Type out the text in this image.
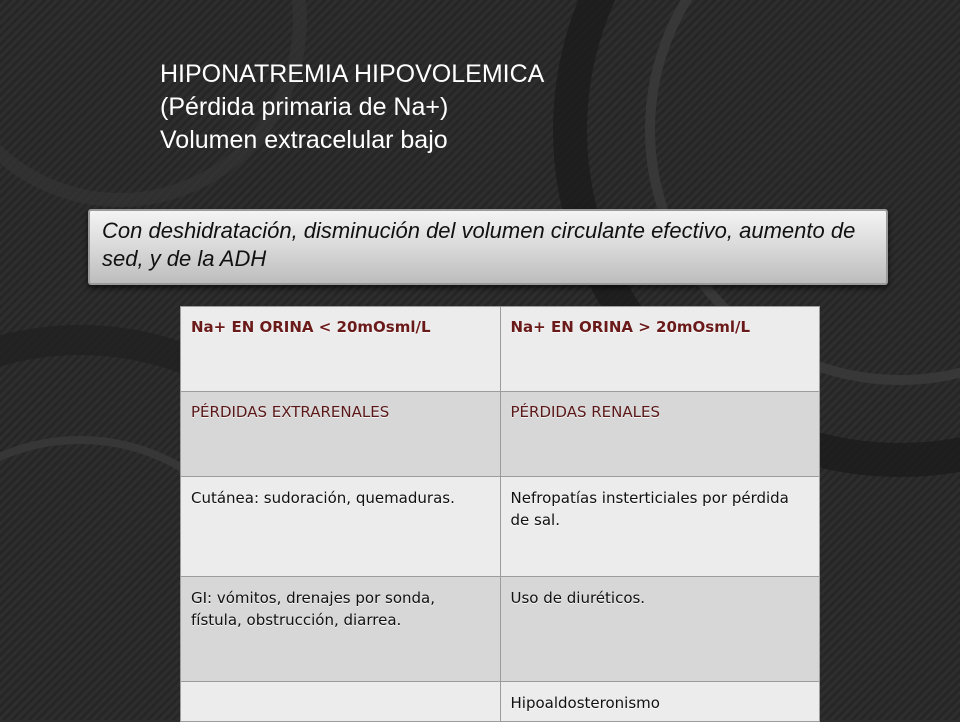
HIPONATREMIA HIPOVOLEMICA
(Pérdida primaria de Na+)
Volumen extracelular bajo
Con deshidratación, disminución del volumen circulante efectivo, aumento de sed, y de la ADH
Na+ EN ORINA < 20mOsml/L	Na+ EN ORINA > 20mOsml/L

PÉRDIDAS EXTRARENALES	PÉRDIDAS RENALES

Cutánea: sudoración, quemaduras.	Nefropatías insterticiales por pérdida de sal.

GI: vómitos, drenajes por sonda, fístula, obstrucción, diarrea.	Uso de diuréticos.

	Hipoaldosteronismo
